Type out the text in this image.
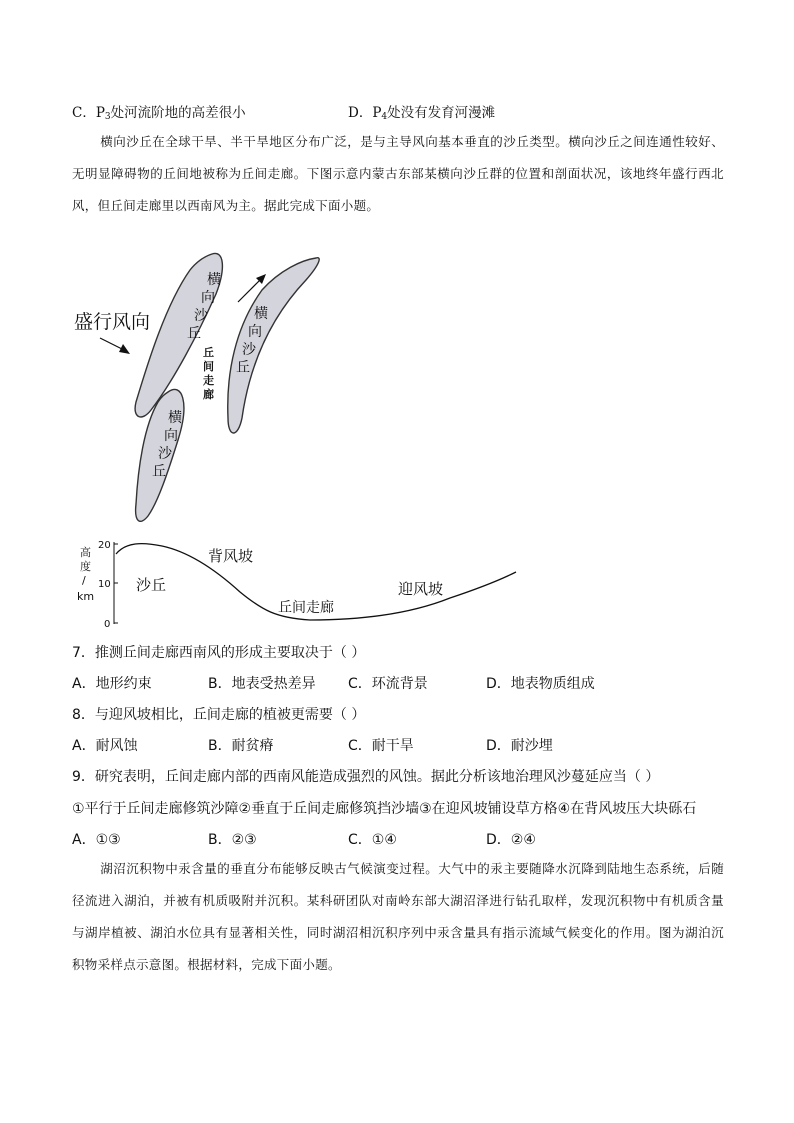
C．$P_3$处河流阶地的高差很小	D．$P_4$处没有发育河漫滩
横向沙丘在全球干旱、半干旱地区分布广泛，是与主导风向基本垂直的沙丘类型。横向沙丘之间连通性较好、无明显障碍物的丘间地被称为丘间走廊。下图示意内蒙古东部某横向沙丘群的位置和剖面状况，该地终年盛行西北风，但丘间走廊里以西南风为主。据此完成下面小题。
盛行风向
横
向
沙
丘
横
向
沙
丘
横
向
沙
丘
丘
间
走
廊
高
度
/
km
20
10
0
背风坡
沙丘
丘间走廊
迎风坡
7．推测丘间走廊西南风的形成主要取决于（ ）
A．地形约束	B．地表受热差异 C．环流背景	D．地表物质组成
8．与迎风坡相比，丘间走廊的植被更需要（ ）
A．耐风蚀	B．耐贫瘠	C．耐干旱	D．耐沙埋
9．研究表明，丘间走廊内部的西南风能造成强烈的风蚀。据此分析该地治理风沙蔓延应当（ ）
①平行于丘间走廊修筑沙障②垂直于丘间走廊修筑挡沙墙③在迎风坡铺设草方格④在背风坡压大块砾石
A．①③	B．②③	C．①④	D．②④
湖沼沉积物中汞含量的垂直分布能够反映古气候演变过程。大气中的汞主要随降水沉降到陆地生态系统，后随径流进入湖泊，并被有机质吸附并沉积。某科研团队对南岭东部大湖沼泽进行钻孔取样，发现沉积物中有机质含量与湖岸植被、湖泊水位具有显著相关性，同时湖沼相沉积序列中汞含量具有指示流域气候变化的作用。图为湖泊沉积物采样点示意图。根据材料，完成下面小题。
